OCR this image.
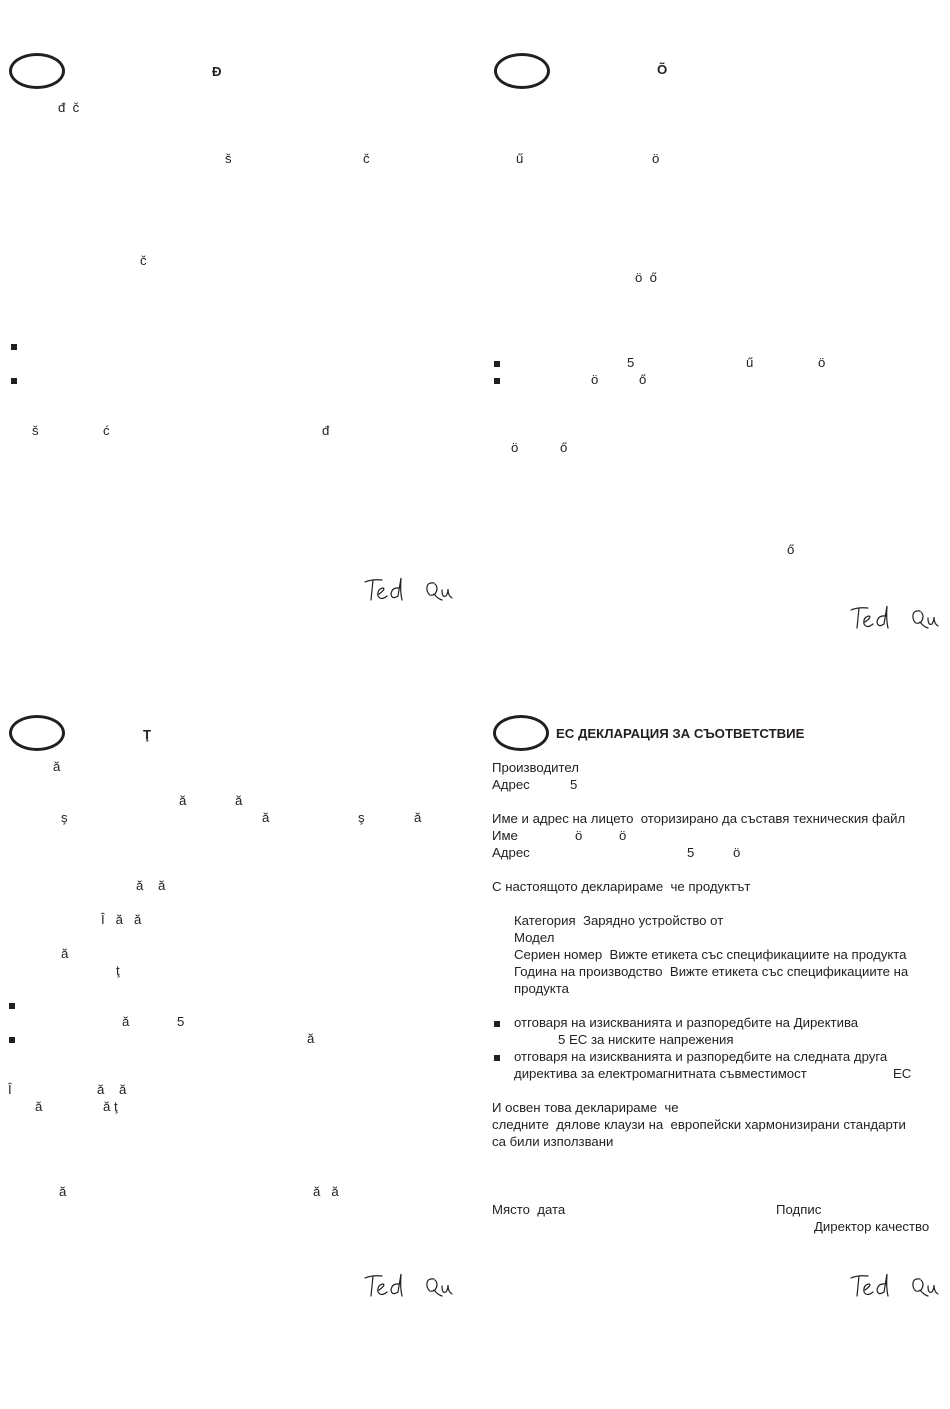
Đ
đ  č
š	č
č
š	ć	đ
Õ
ű	ö
ö  ő
5	ű	ö
ö	ő
ö	ő
ő
Ţ
ă
ă	ă
ş	ă	ş	ă
ă    ă
Î   ă   ă
ă
ţ
ă	5
ă
Î	ă    ă
ă	ă ţ
ă	ă   ă
ЕС ДЕКЛАРАЦИЯ ЗА СЪОТВЕТСТВИЕ
Производител
Адрес	5
Име и адрес на лицето  оторизирано да съставя техническия файл
Име	ö	ö
Адрес	5	ö
С настоящото декларираме  че продуктът
Категория  Зарядно устройство от
Модел
Сериен номер  Вижте етикета със спецификациите на продукта
Година на производство  Вижте етикета със спецификациите на
продукта
отговаря на изискванията и разпоредбите на Директива
5 ЕС за ниските напрежения
отговаря на изискванията и разпоредбите на следната друга
директива за електромагнитната съвместимост	ЕС
И освен това декларираме  че
следните  дялове клаузи на  европейски хармонизирани стандарти
са били използвани
Място  дата	Подпис
Директор качество
